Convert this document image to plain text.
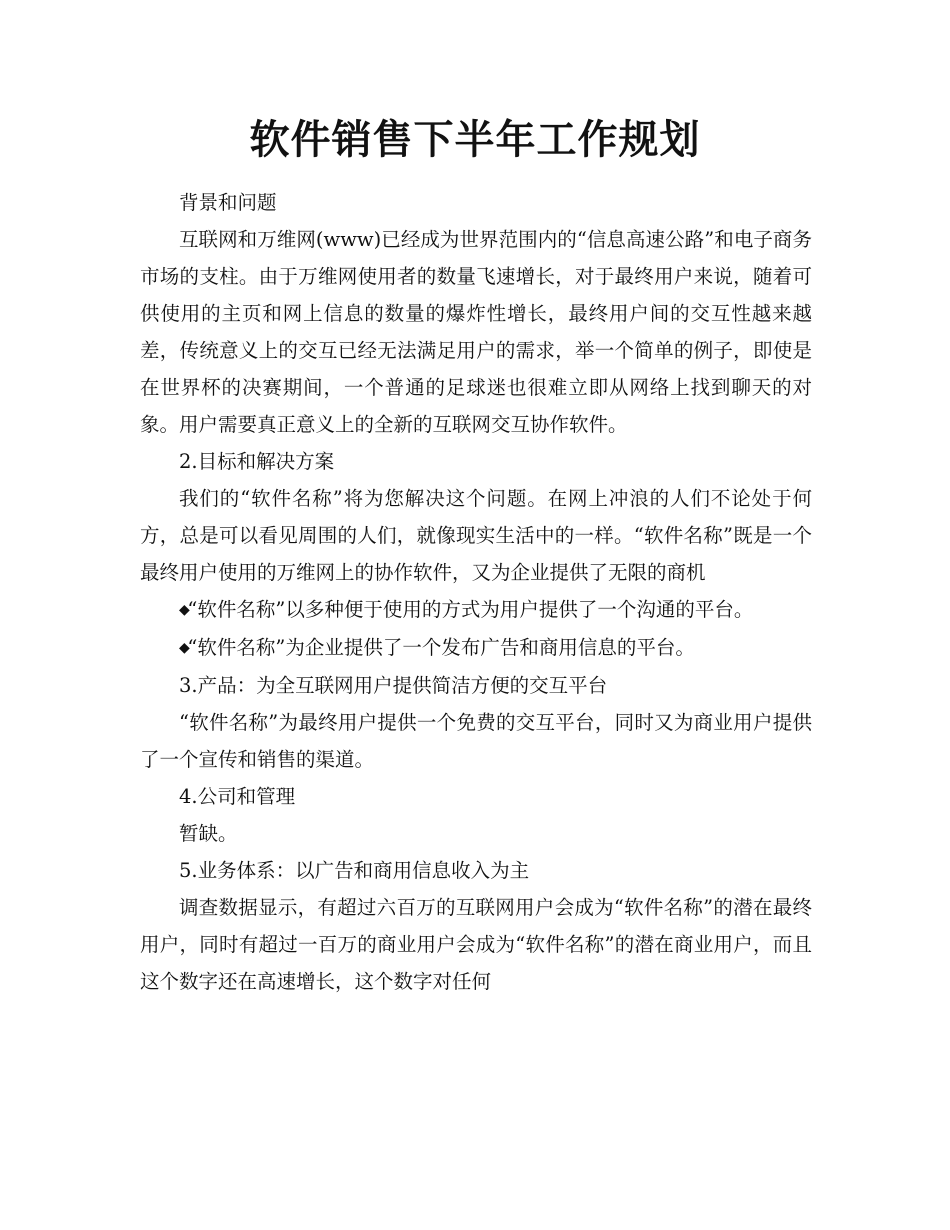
软件销售下半年工作规划

背景和问题

互联网和万维网(www)已经成为世界范围内的“信息高速公路”和电子商务市场的支柱。由于万维网使用者的数量飞速增长，对于最终用户来说，随着可供使用的主页和网上信息的数量的爆炸性增长，最终用户间的交互性越来越差，传统意义上的交互已经无法满足用户的需求，举一个简单的例子，即使是在世界杯的决赛期间，一个普通的足球迷也很难立即从网络上找到聊天的对象。用户需要真正意义上的全新的互联网交互协作软件。

2.目标和解决方案

我们的“软件名称”将为您解决这个问题。在网上冲浪的人们不论处于何方，总是可以看见周围的人们，就像现实生活中的一样。“软件名称”既是一个最终用户使用的万维网上的协作软件，又为企业提供了无限的商机

◆“软件名称”以多种便于使用的方式为用户提供了一个沟通的平台。

◆“软件名称”为企业提供了一个发布广告和商用信息的平台。

3.产品：为全互联网用户提供简洁方便的交互平台

“软件名称”为最终用户提供一个免费的交互平台，同时又为商业用户提供了一个宣传和销售的渠道。

4.公司和管理

暂缺。

5.业务体系：以广告和商用信息收入为主

调查数据显示，有超过六百万的互联网用户会成为“软件名称”的潜在最终用户，同时有超过一百万的商业用户会成为“软件名称”的潜在商业用户，而且这个数字还在高速增长，这个数字对任何
